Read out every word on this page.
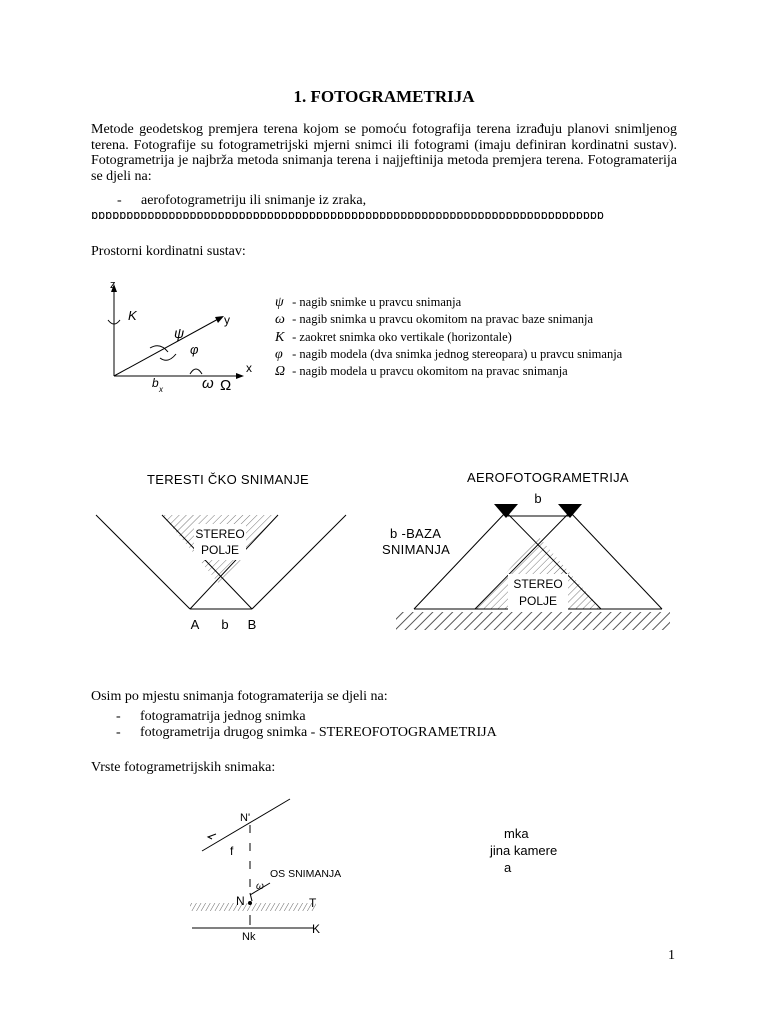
1. FOTOGRAMETRIJA
Metode geodetskog premjera terena kojom se pomoću fotografija terena izrađuju planovi snimljenog terena. Fotografije su fotogrametrijski mjerni snimci ili fotogrami (imaju definiran kordinatni sustav). Fotogrametrija je najbrža metoda snimanja terena i najjeftinija metoda premjera terena. Fotogramaterija se djeli na:
- aerofotogrametriju ili snimanje iz zraka,
ɒɒɒɒɒɒɒɒɒɒɒɒɒɒɒɒɒɒɒɒɒɒɒɒɒɒɒɒɒɒɒɒɒɒɒɒɒɒɒɒɒɒɒɒɒɒɒɒɒɒɒɒɒɒɒɒɒɒɒɒɒɒɒɒɒɒɒɒɒɒɒɒɒ
Prostorni kordinatni sustav:
z
y
x
K
ψ
φ
ω Ω
b x
ψ - nagib snimke u pravcu snimanja
ω - nagib snimka u pravcu okomitom na pravac baze snimanja
K - zaokret snimka oko vertikale (horizontale)
φ - nagib modela (dva snimka jednog stereopara) u pravcu snimanja
Ω - nagib modela u pravcu okomitom na pravac snimanja
TERESTI ČKO SNIMANJE
STEREO
POLJE
A b B
AEROFOTOGRAMETRIJA
b
STEREO
POLJE
b -BAZA
SNIMANJA
Osim po mjestu snimanja fotogramaterija se djeli na:
- fotogramatrija jednog snimka
- fotogrametrija drugog snimka - STEREOFOTOGRAMETRIJA
Vrste fotogrametrijskih snimaka:
N'
f
OS SNIMANJA
ω
N	T
Nk
K
mka
jina kamere
a
1
